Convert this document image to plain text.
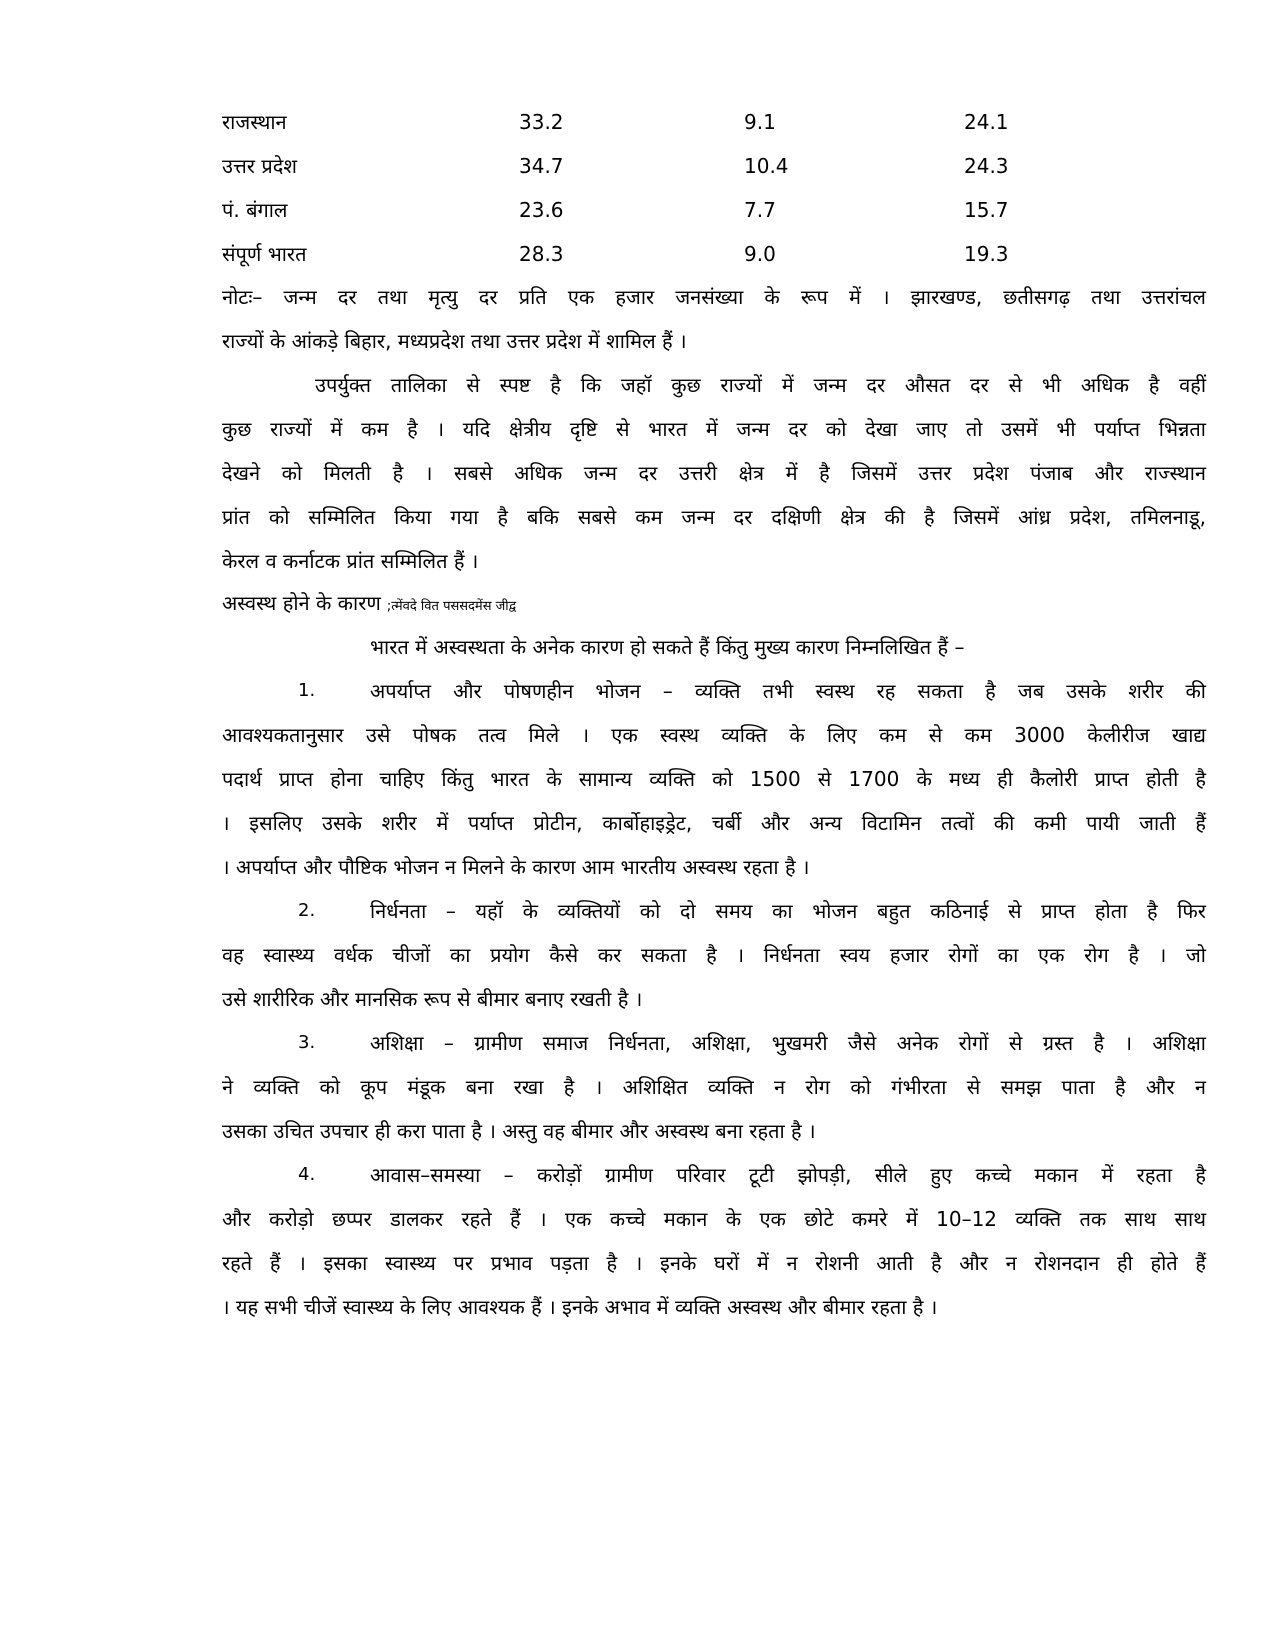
राजस्थान	33.2	9.1	24.1
उत्तर प्रदेश	34.7	10.4	24.3
पं. बंगाल	23.6	7.7	15.7
संपूर्ण भारत	28.3	9.0	19.3
नोटः– जन्म दर तथा मृत्यु दर प्रति एक हजार जनसंख्या के रूप में । झारखण्ड, छतीसगढ़ तथा उत्तरांचल
राज्यों के आंकड़े बिहार, मध्यप्रदेश तथा उत्तर प्रदेश में शामिल हैं ।
उपर्युक्त तालिका से स्पष्ट है कि जहॉ कुछ राज्यों में जन्म दर औसत दर से भी अधिक है वहीं
कुछ राज्यों में कम है । यदि क्षेत्रीय दृष्टि से भारत में जन्म दर को देखा जाए तो उसमें भी पर्याप्त भिन्नता
देखने को मिलती है । सबसे अधिक जन्म दर उत्तरी क्षेत्र में है जिसमें उत्तर प्रदेश पंजाब और राज्स्थान
प्रांत को सम्मिलित किया गया है बकि सबसे कम जन्म दर दक्षिणी क्षेत्र की है जिसमें आंध्र प्रदेश, तमिलनाडू,
केरल व कर्नाटक प्रांत सम्मिलित हैं ।
अस्वस्थ होने के कारण ;त्मेंवदे वित पससदमेंस जीद्व
भारत में अस्वस्थता के अनेक कारण हो सकते हैं किंतु मुख्य कारण निम्नलिखित हैं –
1.	अपर्याप्त और पोषणहीन भोजन – व्यक्ति तभी स्वस्थ रह सकता है जब उसके शरीर की
आवश्यकतानुसार उसे पोषक तत्व मिले । एक स्वस्थ व्यक्ति के लिए कम से कम 3000 केलीरीज खाद्य
पदार्थ प्राप्त होना चाहिए किंतु भारत के सामान्य व्यक्ति को 1500 से 1700 के मध्य ही कैलोरी प्राप्त होती है
। इसलिए उसके शरीर में पर्याप्त प्रोटीन, कार्बोहाइड्रेट, चर्बी और अन्य विटामिन तत्वों की कमी पायी जाती हैं
। अपर्याप्त और पौष्टिक भोजन न मिलने के कारण आम भारतीय अस्वस्थ रहता है ।
2.	निर्धनता – यहॉ के व्यक्तियों को दो समय का भोजन बहुत कठिनाई से प्राप्त होता है फिर
वह स्वास्थ्य वर्धक चीजों का प्रयोग कैसे कर सकता है । निर्धनता स्वय हजार रोगों का एक रोग है । जो
उसे शारीरिक और मानसिक रूप से बीमार बनाए रखती है ।
3.	अशिक्षा – ग्रामीण समाज निर्धनता, अशिक्षा, भुखमरी जैसे अनेक रोगों से ग्रस्त है । अशिक्षा
ने व्यक्ति को कूप मंडूक बना रखा है । अशिक्षित व्यक्ति न रोग को गंभीरता से समझ पाता है और न
उसका उचित उपचार ही करा पाता है । अस्तु वह बीमार और अस्वस्थ बना रहता है ।
4.	आवास–समस्या – करोड़ों ग्रामीण परिवार टूटी झोपड़ी, सीले हुए कच्चे मकान में रहता है
और करोड़ो छप्पर डालकर रहते हैं । एक कच्चे मकान के एक छोटे कमरे में 10–12 व्यक्ति तक साथ साथ
रहते हैं । इसका स्वास्थ्य पर प्रभाव पड़ता है । इनके घरों में न रोशनी आती है और न रोशनदान ही होते हैं
। यह सभी चीजें स्वास्थ्य के लिए आवश्यक हैं । इनके अभाव में व्यक्ति अस्वस्थ और बीमार रहता है ।
